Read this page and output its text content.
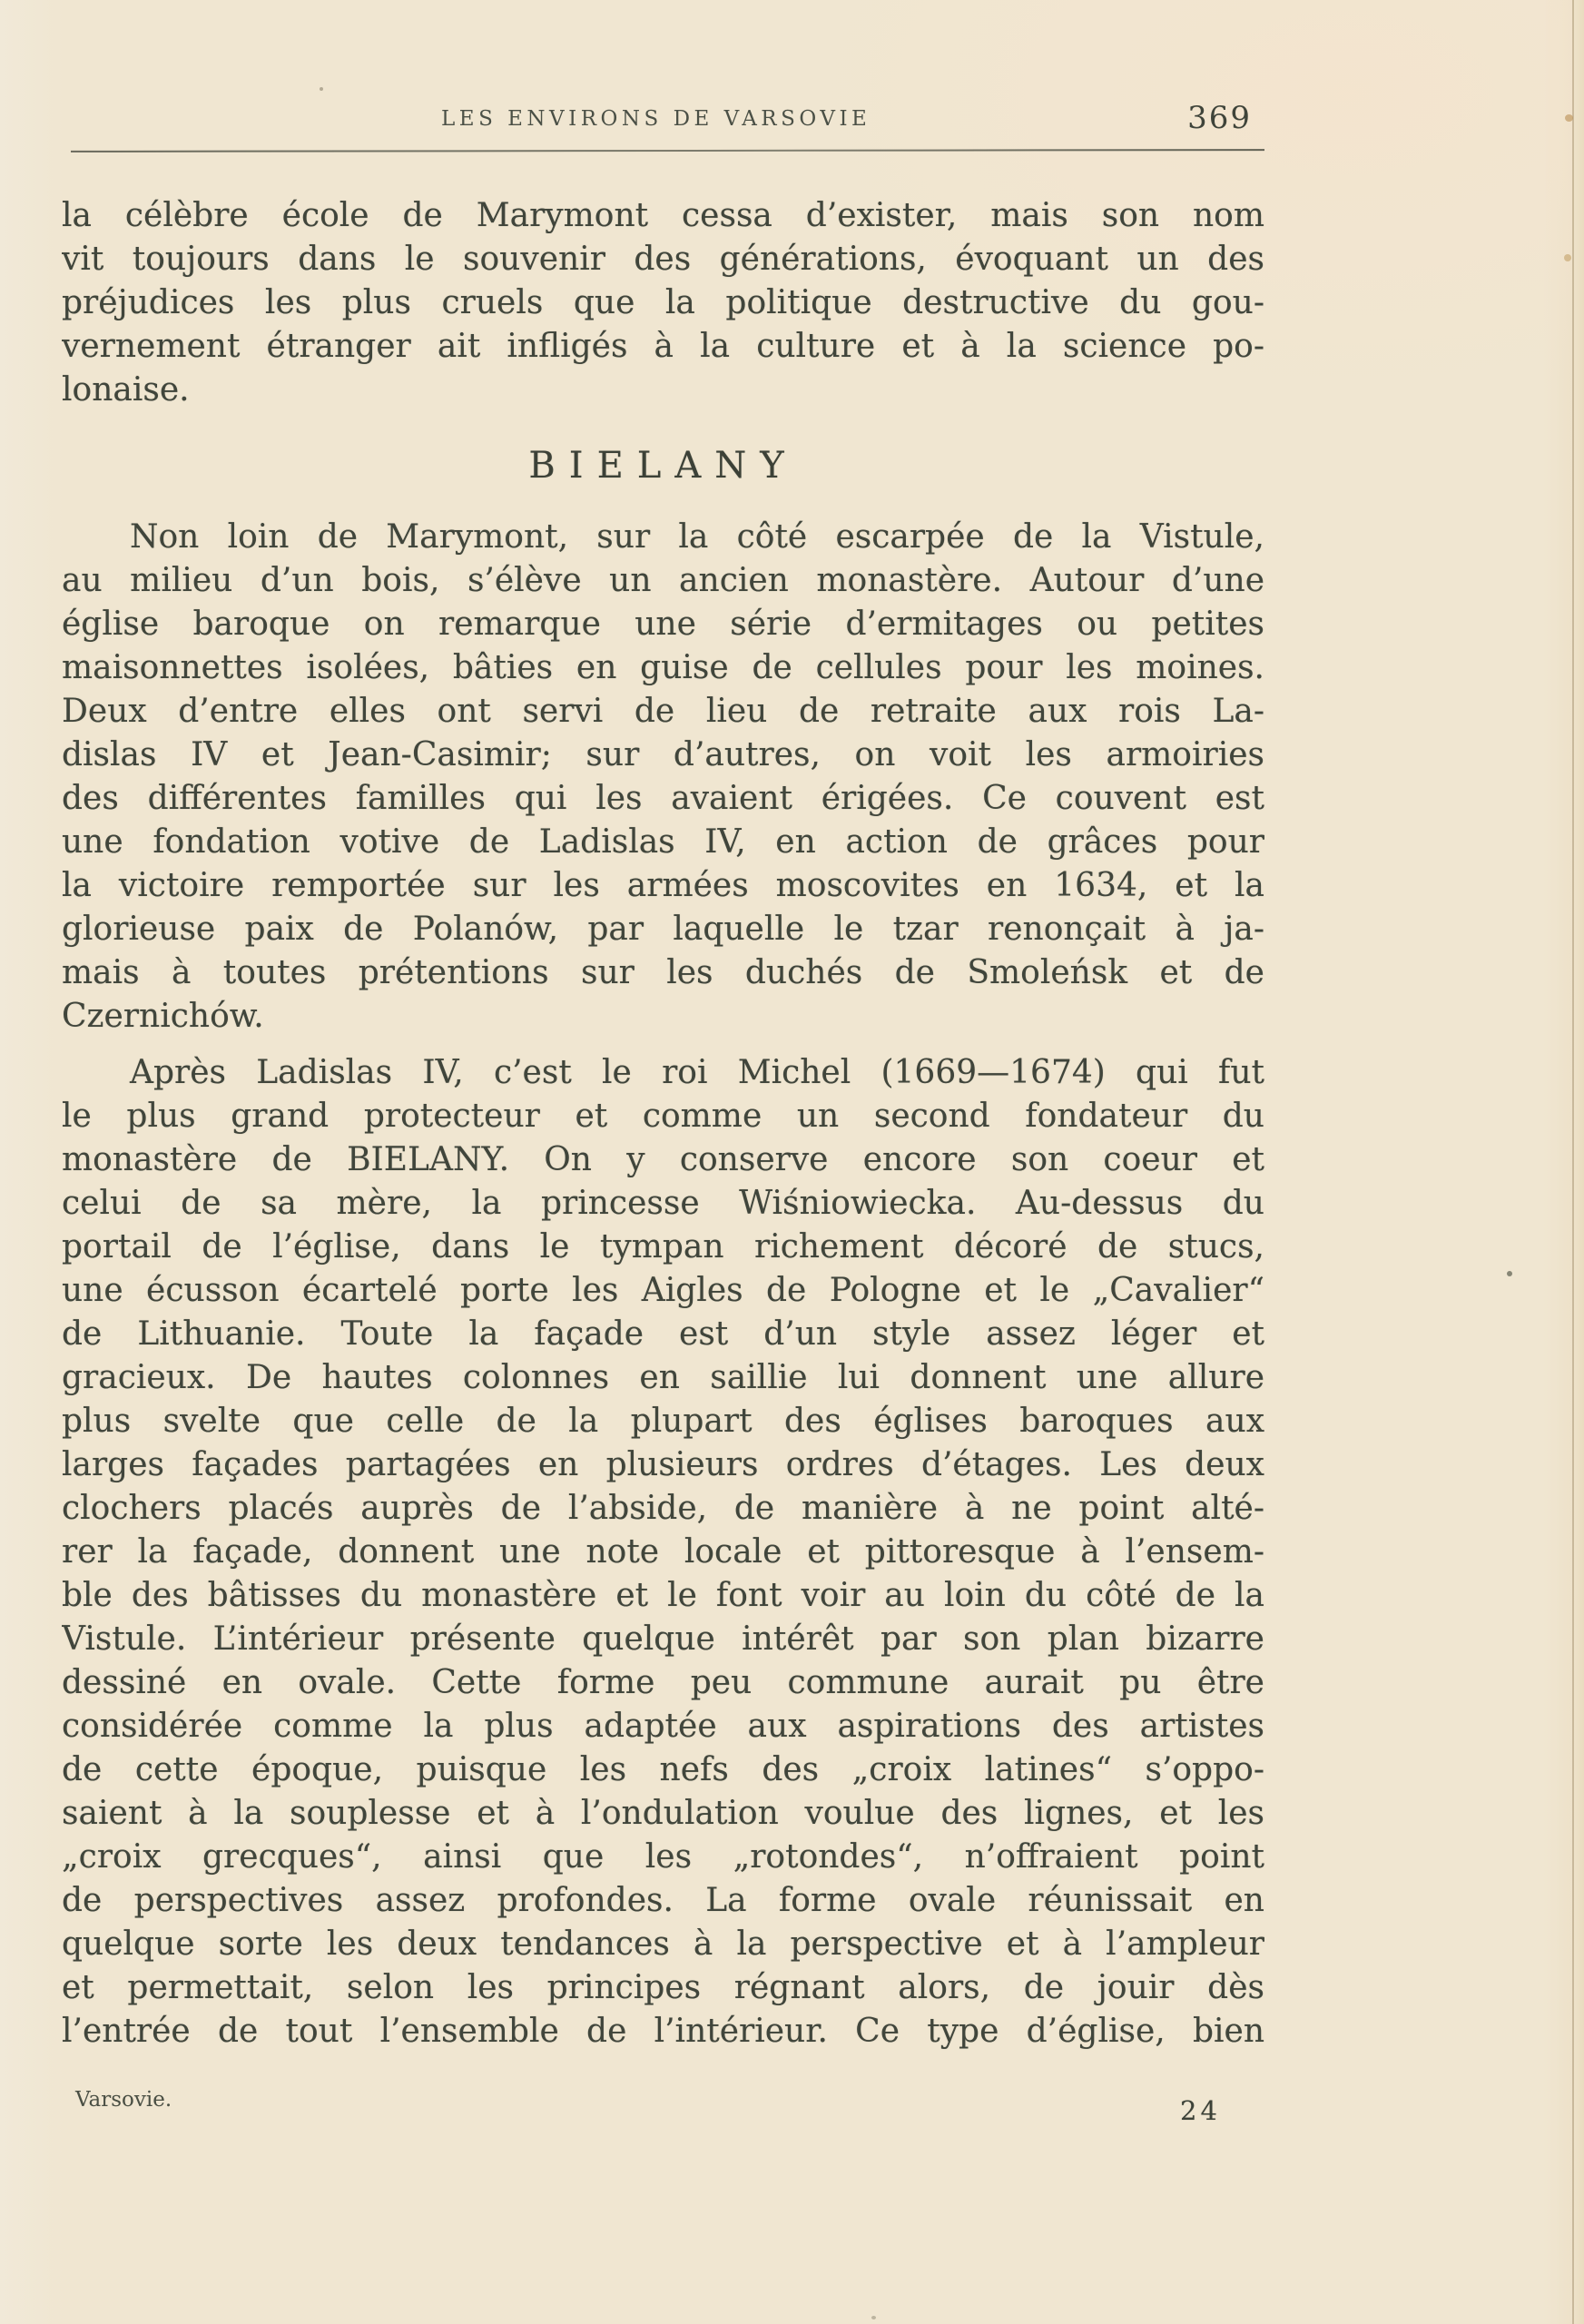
LES ENVIRONS DE VARSOVIE	369
la célèbre école de Marymont cessa d’exister, mais son nom
vit toujours dans le souvenir des générations, évoquant un des
préjudices les plus cruels que la politique destructive du gou-
vernement étranger ait infligés à la culture et à la science po-
lonaise.
BIELANY
Non loin de Marymont, sur la côté escarpée de la Vistule,
au milieu d’un bois, s’élève un ancien monastère. Autour d’une
église baroque on remarque une série d’ermitages ou petites
maisonnettes isolées, bâties en guise de cellules pour les moines.
Deux d’entre elles ont servi de lieu de retraite aux rois La-
dislas IV et Jean-Casimir; sur d’autres, on voit les armoiries
des différentes familles qui les avaient érigées. Ce couvent est
une fondation votive de Ladislas IV, en action de grâces pour
la victoire remportée sur les armées moscovites en 1634, et la
glorieuse paix de Polanów, par laquelle le tzar renonçait à ja-
mais à toutes prétentions sur les duchés de Smoleńsk et de
Czernichów.
Après Ladislas IV, c’est le roi Michel (1669—1674) qui fut
le plus grand protecteur et comme un second fondateur du
monastère de BIELANY. On y conserve encore son coeur et
celui de sa mère, la princesse Wiśniowiecka. Au-dessus du
portail de l’église, dans le tympan richement décoré de stucs,
une écusson écartelé porte les Aigles de Pologne et le „Cavalier“
de Lithuanie. Toute la façade est d’un style assez léger et
gracieux. De hautes colonnes en saillie lui donnent une allure
plus svelte que celle de la plupart des églises baroques aux
larges façades partagées en plusieurs ordres d’étages. Les deux
clochers placés auprès de l’abside, de manière à ne point alté-
rer la façade, donnent une note locale et pittoresque à l’ensem-
ble des bâtisses du monastère et le font voir au loin du côté de la
Vistule. L’intérieur présente quelque intérêt par son plan bizarre
dessiné en ovale. Cette forme peu commune aurait pu être
considérée comme la plus adaptée aux aspirations des artistes
de cette époque, puisque les nefs des „croix latines“ s’oppo-
saient à la souplesse et à l’ondulation voulue des lignes, et les
„croix grecques“, ainsi que les „rotondes“, n’offraient point
de perspectives assez profondes. La forme ovale réunissait en
quelque sorte les deux tendances à la perspective et à l’ampleur
et permettait, selon les principes régnant alors, de jouir dès
l’entrée de tout l’ensemble de l’intérieur. Ce type d’église, bien
Varsovie.	24
